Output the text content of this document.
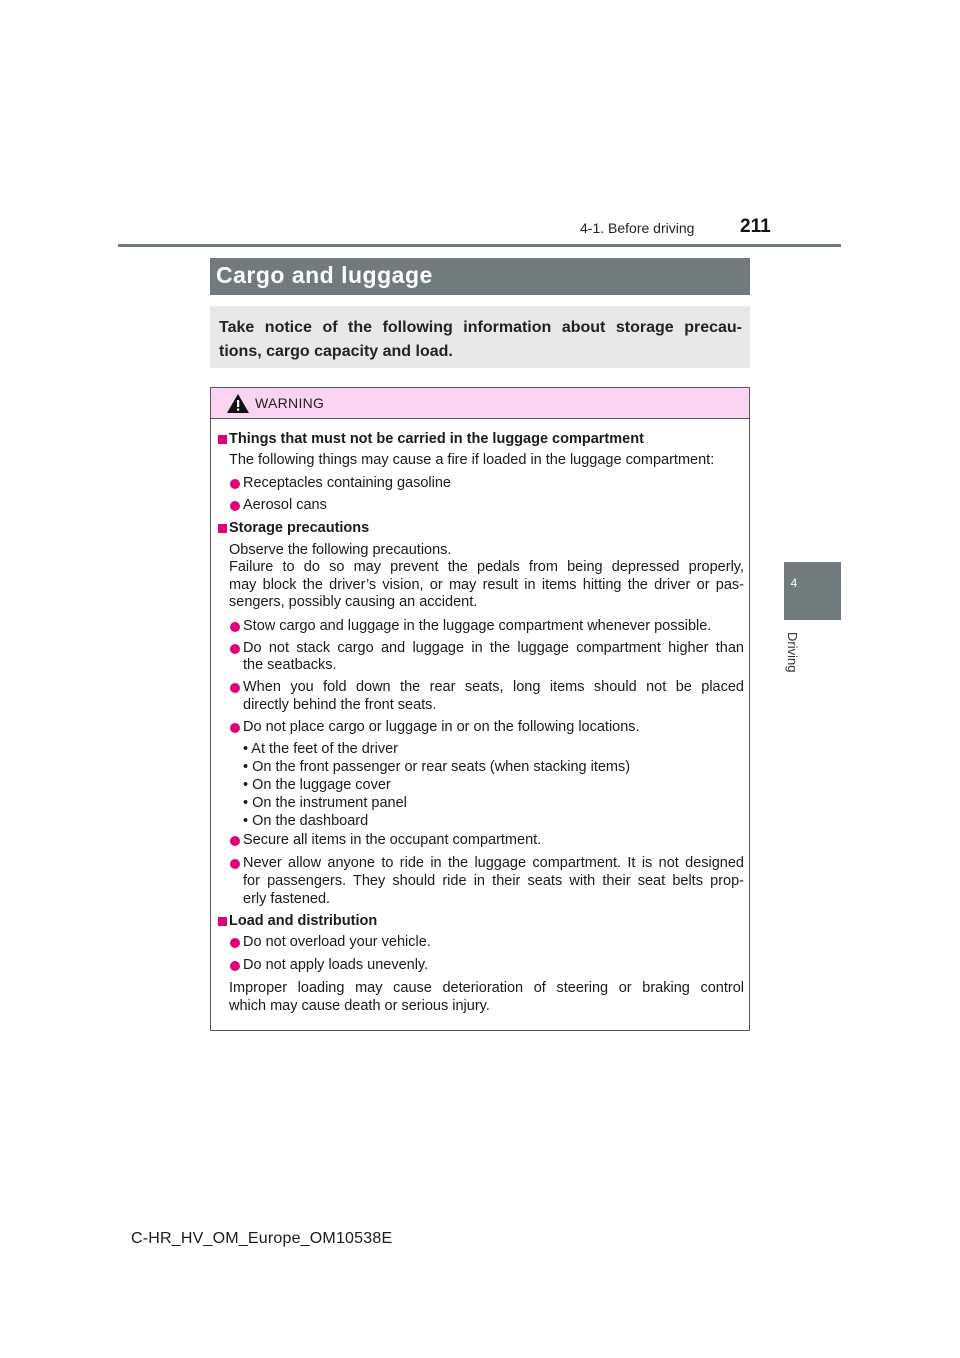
4-1. Before driving 211
4
Driving
Cargo and luggage
Take notice of the following information about storage precau-
tions, cargo capacity and load.
WARNING
Things that must not be carried in the luggage compartment
The following things may cause a fire if loaded in the luggage compartment:
Receptacles containing gasoline
Aerosol cans
Storage precautions
Observe the following precautions.
Failure to do so may prevent the pedals from being depressed properly,
may block the driver’s vision, or may result in items hitting the driver or pas-
sengers, possibly causing an accident.
Stow cargo and luggage in the luggage compartment whenever possible.
Do not stack cargo and luggage in the luggage compartment higher than
the seatbacks.
When you fold down the rear seats, long items should not be placed
directly behind the front seats.
Do not place cargo or luggage in or on the following locations.
• At the feet of the driver
• On the front passenger or rear seats (when stacking items)
• On the luggage cover
• On the instrument panel
• On the dashboard
Secure all items in the occupant compartment.
Never allow anyone to ride in the luggage compartment. It is not designed
for passengers. They should ride in their seats with their seat belts prop-
erly fastened.
Load and distribution
Do not overload your vehicle.
Do not apply loads unevenly.
Improper loading may cause deterioration of steering or braking control
which may cause death or serious injury.
C-HR_HV_OM_Europe_OM10538E
